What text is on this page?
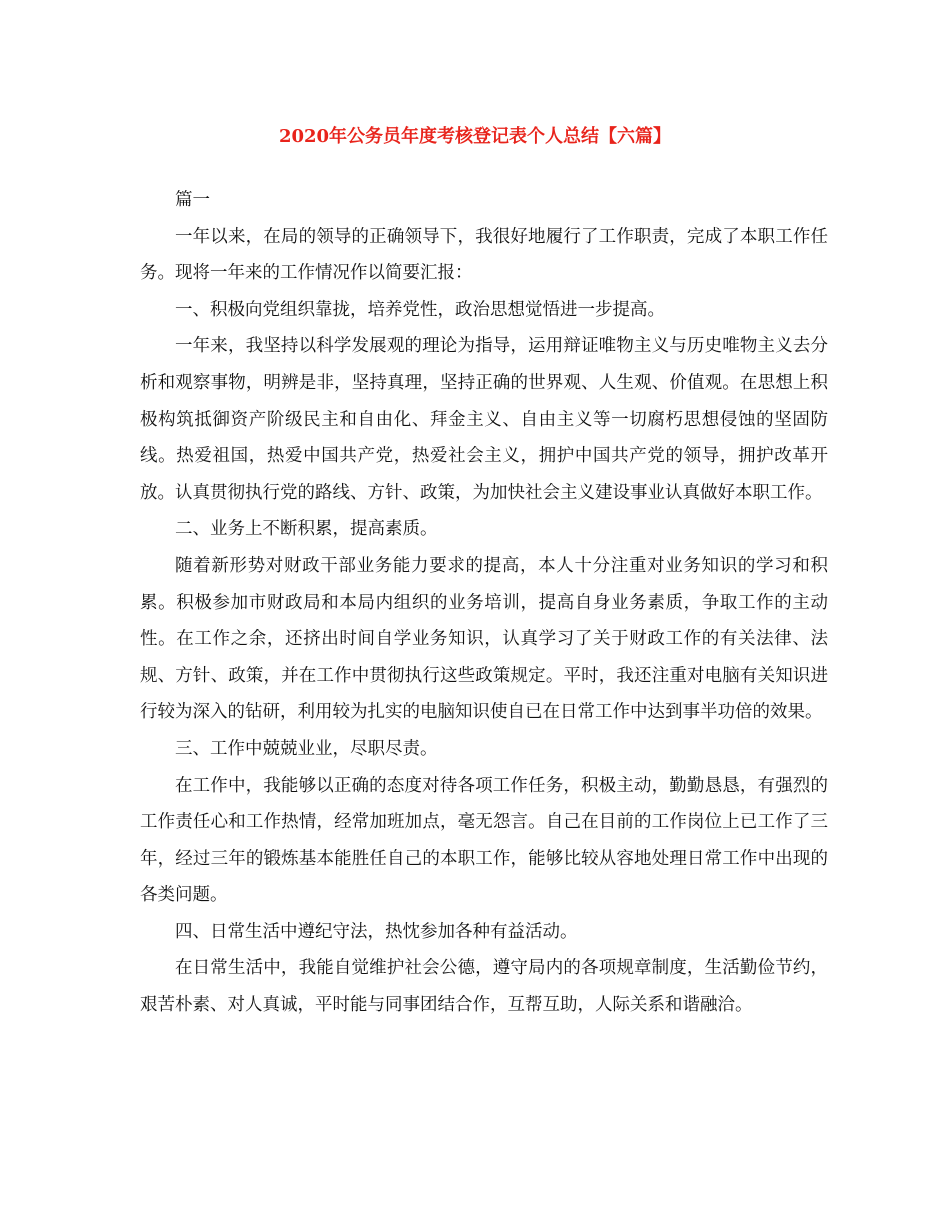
2020年公务员年度考核登记表个人总结【六篇】

篇一

一年以来，在局的领导的正确领导下，我很好地履行了工作职责，完成了本职工作任务。现将一年来的工作情况作以简要汇报：

一、积极向党组织靠拢，培养党性，政治思想觉悟进一步提高。

一年来，我坚持以科学发展观的理论为指导，运用辩证唯物主义与历史唯物主义去分析和观察事物，明辨是非，坚持真理，坚持正确的世界观、人生观、价值观。在思想上积极构筑抵御资产阶级民主和自由化、拜金主义、自由主义等一切腐朽思想侵蚀的坚固防线。热爱祖国，热爱中国共产党，热爱社会主义，拥护中国共产党的领导，拥护改革开放。认真贯彻执行党的路线、方针、政策，为加快社会主义建设事业认真做好本职工作。

二、业务上不断积累，提高素质。

随着新形势对财政干部业务能力要求的提高，本人十分注重对业务知识的学习和积累。积极参加市财政局和本局内组织的业务培训，提高自身业务素质，争取工作的主动性。在工作之余，还挤出时间自学业务知识，认真学习了关于财政工作的有关法律、法规、方针、政策，并在工作中贯彻执行这些政策规定。平时，我还注重对电脑有关知识进行较为深入的钻研，利用较为扎实的电脑知识使自已在日常工作中达到事半功倍的效果。

三、工作中兢兢业业，尽职尽责。

在工作中，我能够以正确的态度对待各项工作任务，积极主动，勤勤恳恳，有强烈的工作责任心和工作热情，经常加班加点，毫无怨言。自己在目前的工作岗位上已工作了三年，经过三年的锻炼基本能胜任自己的本职工作，能够比较从容地处理日常工作中出现的各类问题。

四、日常生活中遵纪守法，热忱参加各种有益活动。

在日常生活中，我能自觉维护社会公德，遵守局内的各项规章制度，生活勤俭节约，艰苦朴素、对人真诚，平时能与同事团结合作，互帮互助，人际关系和谐融洽。
